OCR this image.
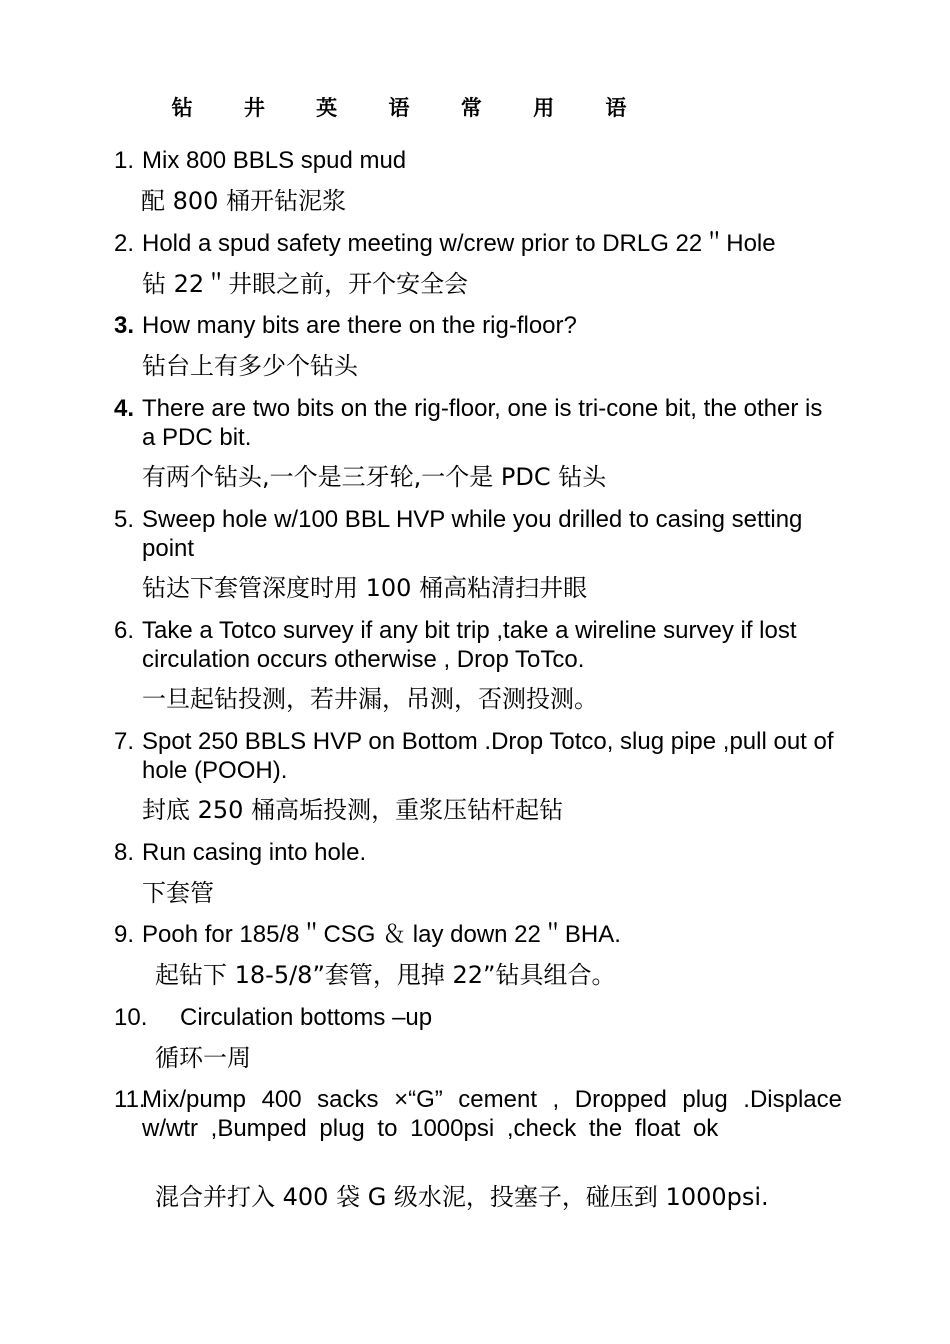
钻 井 英 语 常 用 语
1. Mix 800 BBLS spud mud
配 800 桶开钻泥浆
2. Hold a spud safety meeting w/crew prior to DRLG 22＂Hole
钻 22＂井眼之前，开个安全会
3. How many bits are there on the rig-floor?
钻台上有多少个钻头
4. There are two bits on the rig-floor, one is tri-cone bit, the other is a PDC bit.
有两个钻头,一个是三牙轮,一个是 PDC 钻头
5. Sweep hole w/100 BBL HVP while you drilled to casing setting point
钻达下套管深度时用 100 桶高粘清扫井眼
6. Take a Totco survey if any bit trip ,take a wireline survey if lost circulation occurs otherwise , Drop ToTco.
一旦起钻投测，若井漏，吊测，否测投测。
7. Spot 250 BBLS HVP on Bottom .Drop Totco, slug pipe ,pull out of hole (POOH).
封底 250 桶高垢投测，重浆压钻杆起钻
8. Run casing into hole.
下套管
9. Pooh for 185/8＂CSG ＆ lay down 22＂BHA.
起钻下 18-5/8”套管，甩掉 22”钻具组合。
10.	Circulation bottoms –up
循环一周
11.
Mix/pump 400 sacks ×“G” cement , Dropped plug .Displace w/wtr ,Bumped plug to 1000psi ,check the float ok
混合并打入 400 袋 G 级水泥，投塞子，碰压到 1000psi.
